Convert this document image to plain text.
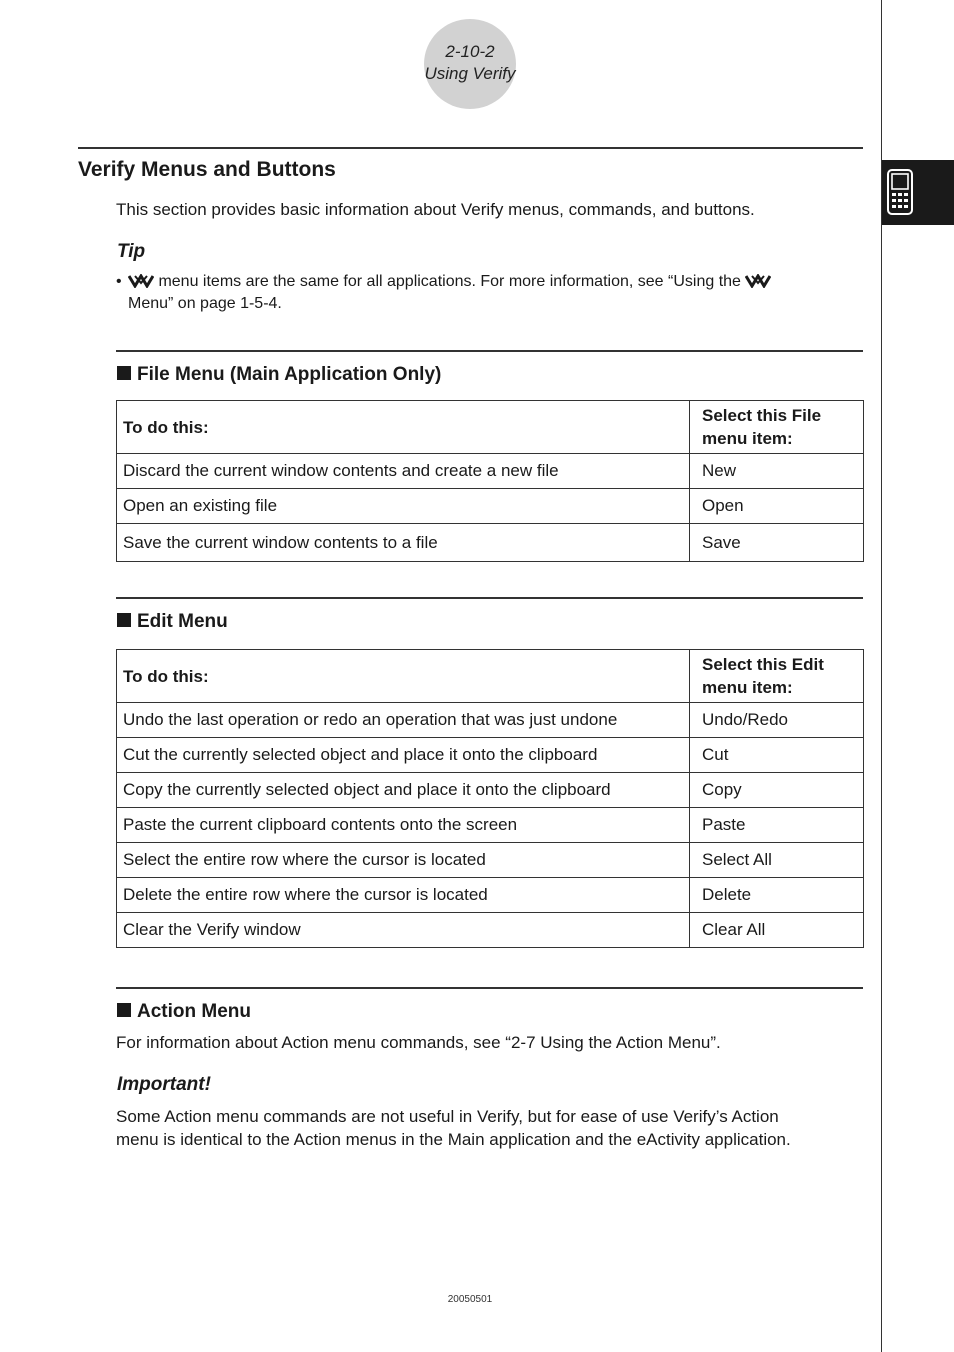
2-10-2
Using Verify
Verify Menus and Buttons

This section provides basic information about Verify menus, commands, and buttons.

Tip
•	menu items are the same for all applications. For more information, see “Using the
Menu” on page 1-5-4.
File Menu (Main Application Only)
To do this:	Select this File menu item:
Discard the current window contents and create a new file	New
Open an existing file	Open
Save the current window contents to a file	Save
Edit Menu
To do this:	Select this Edit menu item:
Undo the last operation or redo an operation that was just undone	Undo/Redo
Cut the currently selected object and place it onto the clipboard	Cut
Copy the currently selected object and place it onto the clipboard	Copy
Paste the current clipboard contents onto the screen	Paste
Select the entire row where the cursor is located	Select All
Delete the entire row where the cursor is located	Delete
Clear the Verify window	Clear All
Action Menu

For information about Action menu commands, see “2-7 Using the Action Menu”.

Important!

Some Action menu commands are not useful in Verify, but for ease of use Verify’s Action

menu is identical to the Action menus in the Main application and the eActivity application.

20050501
